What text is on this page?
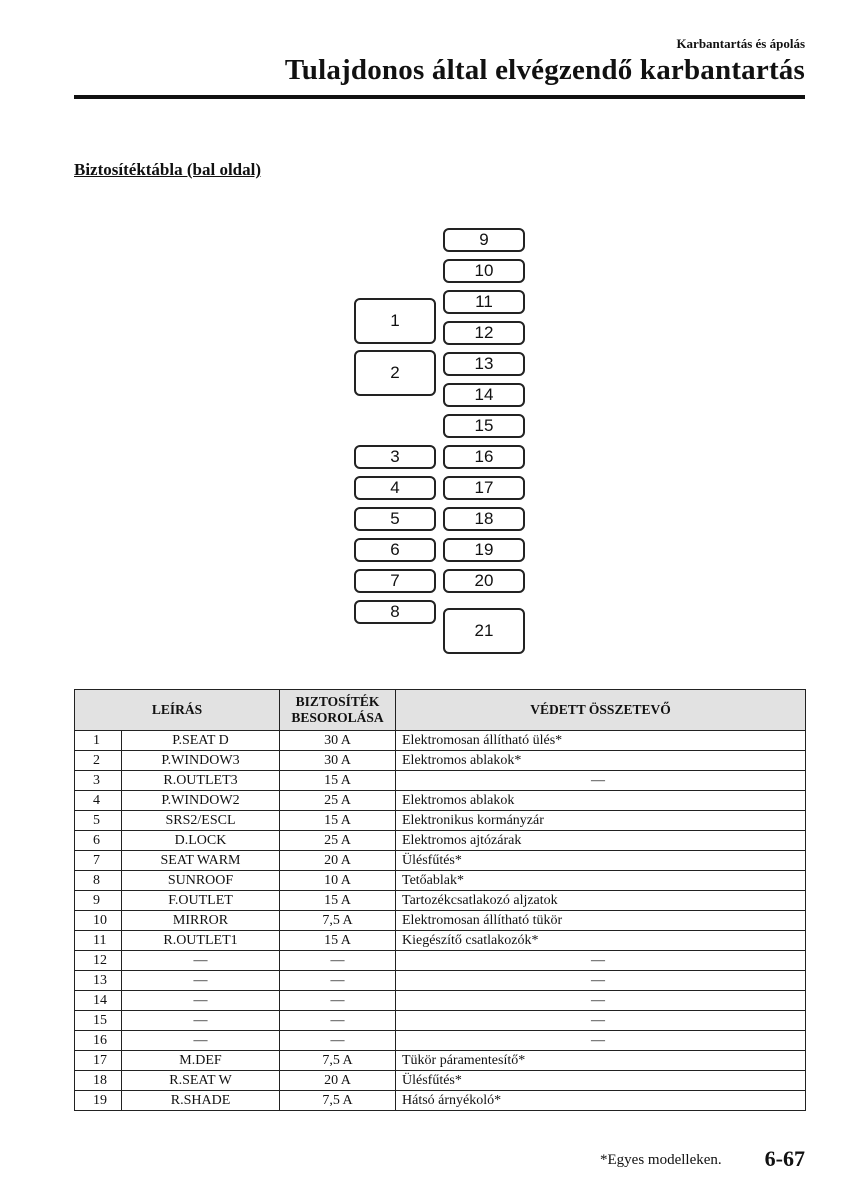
Karbantartás és ápolás
Tulajdonos által elvégzendő karbantartás
Biztosítéktábla (bal oldal)
1
2
3
4
5
6
7
8
9
10
11
12
13
14
15
16
17
18
19
20
21
LEÍRÁS		BIZTOSÍTÉK
BESOROLÁSA	VÉDETT ÖSSZETEVŐ
1	P.SEAT D	30 A	Elektromosan állítható ülés*
2	P.WINDOW3	30 A	Elektromos ablakok*
3	R.OUTLET3	15 A	—
4	P.WINDOW2	25 A	Elektromos ablakok
5	SRS2/ESCL	15 A	Elektronikus kormányzár
6	D.LOCK	25 A	Elektromos ajtózárak
7	SEAT WARM	20 A	Ülésfűtés*
8	SUNROOF	10 A	Tetőablak*
9	F.OUTLET	15 A	Tartozékcsatlakozó aljzatok
10	MIRROR	7,5 A	Elektromosan állítható tükör
11	R.OUTLET1	15 A	Kiegészítő csatlakozók*
12	—	—	—
13	—	—	—
14	—	—	—
15	—	—	—
16	—	—	—
17	M.DEF	7,5 A	Tükör páramentesítő*
18	R.SEAT W	20 A	Ülésfűtés*
19	R.SHADE	7,5 A	Hátsó árnyékoló*
*Egyes modelleken. 6-67
